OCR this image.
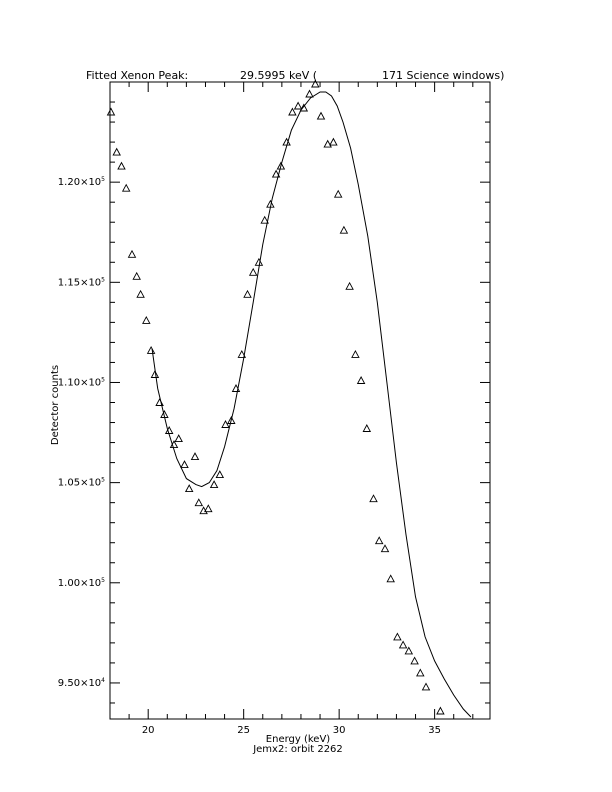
20	25	30	35
$9.50\times 10^4$
$1.00\times 10^5$
$1.05\times 10^5$
$1.10\times 10^5$
$1.15\times 10^5$
$1.20\times 10^5$
Fitted Xenon Peak:	29.5995 keV (	171 Science windows)
Detector counts
Energy (keV)
Jemx2: orbit 2262
